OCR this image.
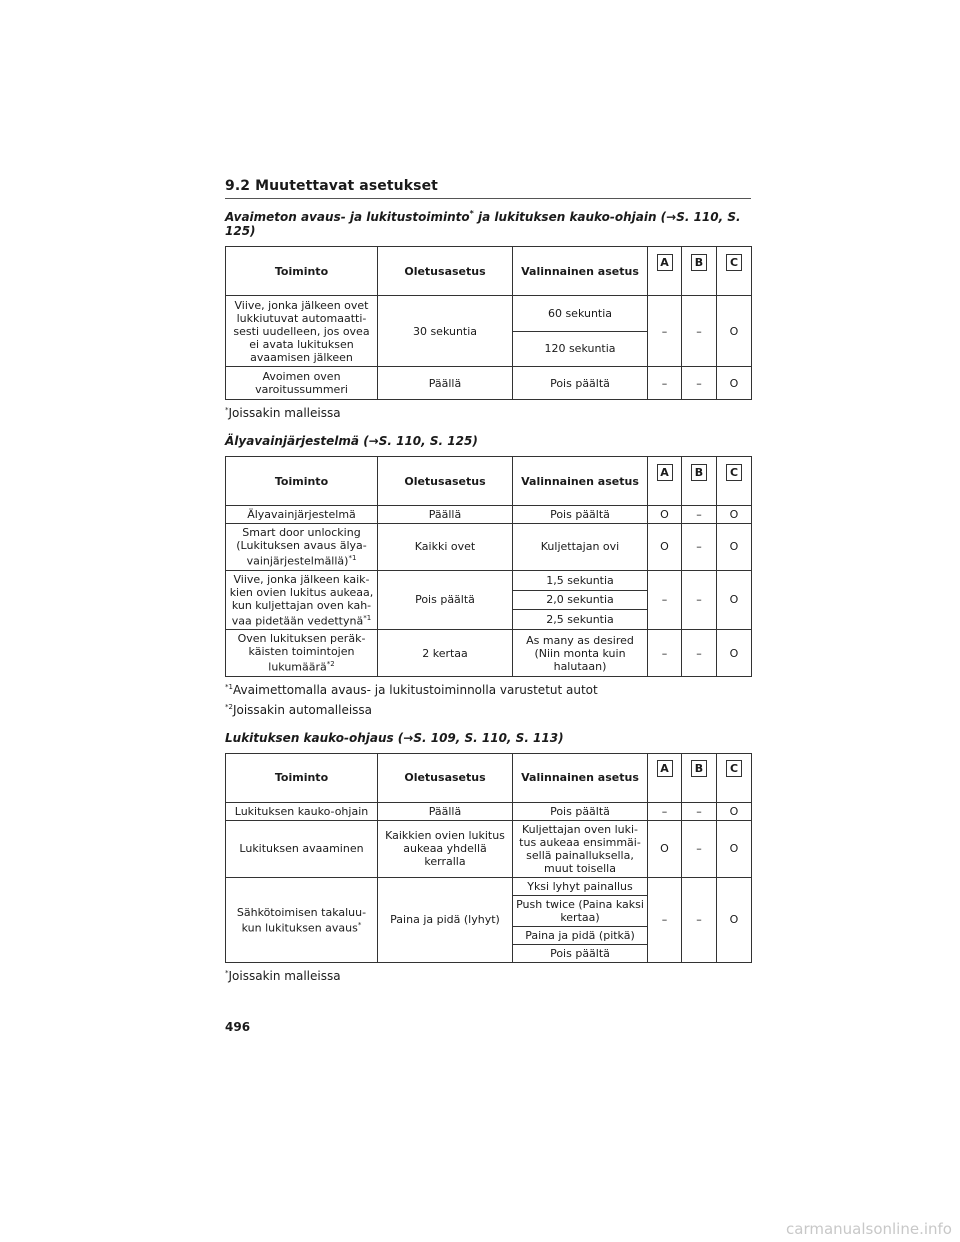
9.2 Muutettavat asetukset
Avaimeton avaus- ja lukitustoiminto* ja lukituksen kauko-ohjain (→S. 110, S. 125)
Toiminto	Oletusasetus	Valinnainen asetus	A	B	C
Viive, jonka jälkeen ovet lukkiutuvat automaatti-sesti uudelleen, jos ovea ei avata lukituksen avaamisen jälkeen	30 sekuntia	60 sekuntia	–	–	O
		120 sekuntia			
Avoimen oven varoitussummeri	Päällä	Pois päältä	–	–	O
*Joissakin malleissa
Älyavainjärjestelmä (→S. 110, S. 125)
Toiminto	Oletusasetus	Valinnainen asetus	A	B	C
Älyavainjärjestelmä	Päällä	Pois päältä	O	–	O
Smart door unlocking (Lukituksen avaus älya-vainjärjestelmällä)$^{*1}$	Kaikki ovet	Kuljettajan ovi	O	–	O
Viive, jonka jälkeen kaik-kien ovien lukitus aukeaa, kun kuljettajan oven kah-vaa pidetään vedettynä$^{*1}$	Pois päältä	1,5 sekuntia	–	–	O
		2,0 sekuntia			
		2,5 sekuntia			
Oven lukituksen peräk-käisten toimintojen lukumäärä$^{*2}$	2 kertaa	As many as desired (Niin monta kuin halutaan)	–	–	O
$^{*1}$Avaimettomalla avaus- ja lukitustoiminnolla varustetut autot
$^{*2}$Joissakin automalleissa
Lukituksen kauko-ohjaus (→S. 109, S. 110, S. 113)
Toiminto	Oletusasetus	Valinnainen asetus	A	B	C
Lukituksen kauko-ohjain	Päällä	Pois päältä	–	–	O
Lukituksen avaaminen	Kaikkien ovien lukitus aukeaa yhdellä kerralla	Kuljettajan oven luki-tus aukeaa ensimmäi-sellä painalluksella, muut toisella	O	–	O
Sähkötoimisen takaluu-kun lukituksen avaus*	Paina ja pidä (lyhyt)	Yksi lyhyt painallus	–	–	O
		Push twice (Paina kaksi kertaa)			
		Paina ja pidä (pitkä)			
		Pois päältä			
*Joissakin malleissa
496
carmanualsonline.info
